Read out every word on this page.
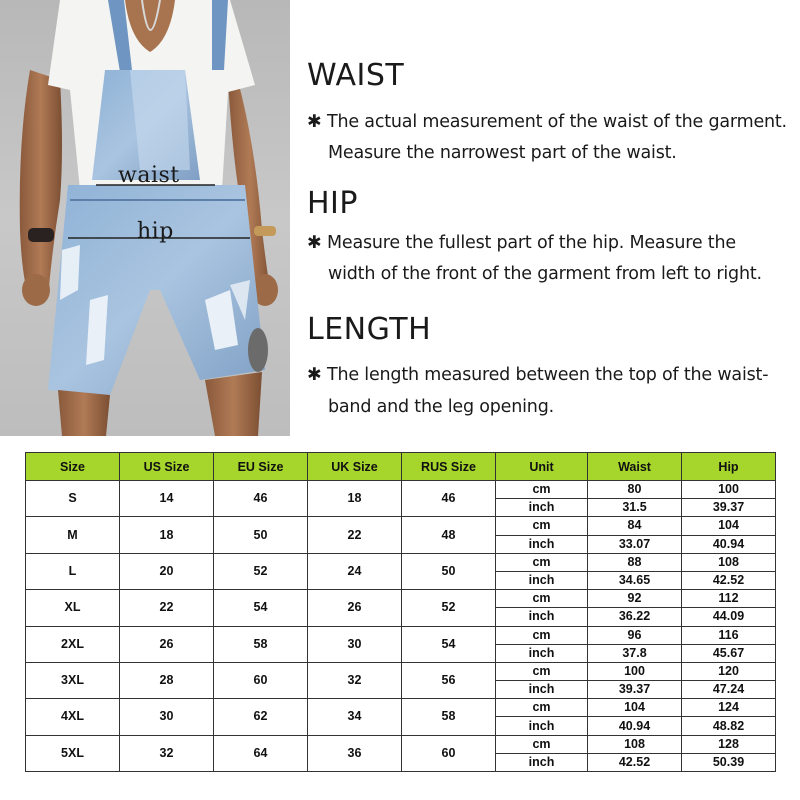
waist
hip
WAIST
✱ The actual measurement of the waist of the garment.
Measure the narrowest part of the waist.
HIP
✱ Measure the fullest part of the hip. Measure the
width of the front of the garment from left to right.
LENGTH
✱ The length measured between the top of the waist-
band and the leg opening.
Size	US Size	EU Size	UK Size	RUS Size	Unit	Waist	Hip
S	14	46	18	46	cm	80	100
					inch	31.5	39.37
M	18	50	22	48	cm	84	104
					inch	33.07	40.94
L	20	52	24	50	cm	88	108
					inch	34.65	42.52
XL	22	54	26	52	cm	92	112
					inch	36.22	44.09
2XL	26	58	30	54	cm	96	116
					inch	37.8	45.67
3XL	28	60	32	56	cm	100	120
					inch	39.37	47.24
4XL	30	62	34	58	cm	104	124
					inch	40.94	48.82
5XL	32	64	36	60	cm	108	128
					inch	42.52	50.39
